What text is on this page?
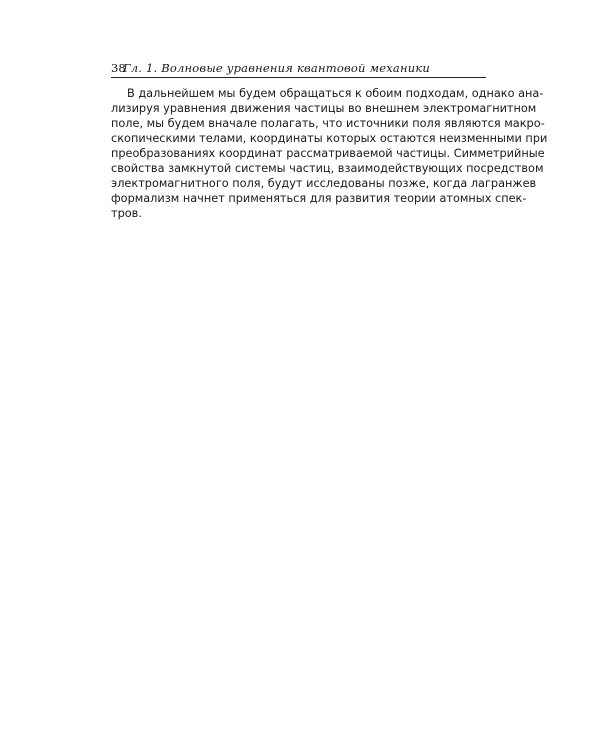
38
Гл. 1. Волновые уравнения квантовой механики
В дальнейшем мы будем обращаться к обоим подходам, однако ана-
лизируя уравнения движения частицы во внешнем электромагнитном
поле, мы будем вначале полагать, что источники поля являются макро-
скопическими телами, координаты которых остаются неизменными при
преобразованиях координат рассматриваемой частицы. Симметрийные
свойства замкнутой системы частиц, взаимодействующих посредством
электромагнитного поля, будут исследованы позже, когда лагранжев
формализм начнет применяться для развития теории атомных спек-
тров.
